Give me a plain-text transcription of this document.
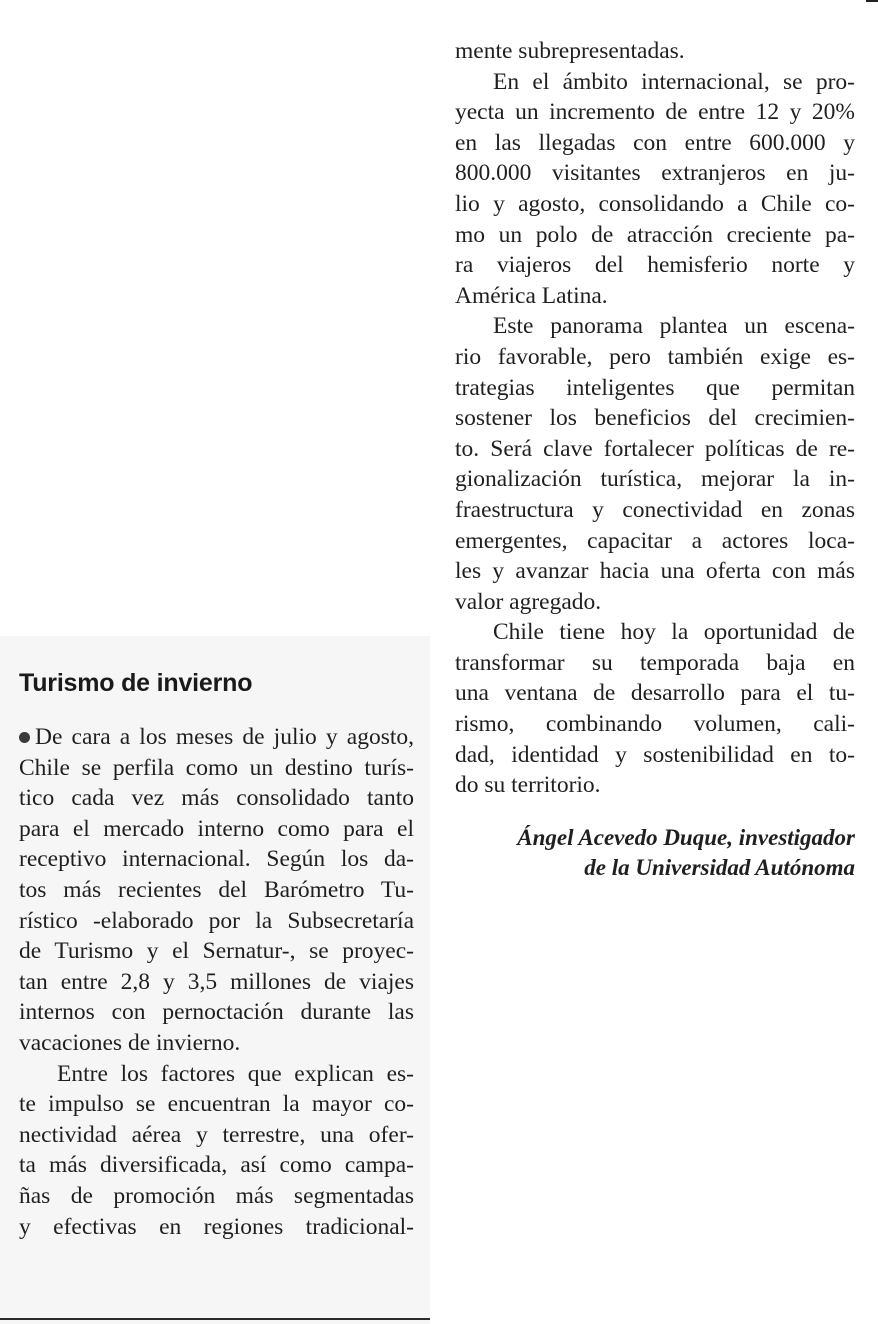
mente subrepresentadas.
En el ámbito internacional, se pro-
yecta un incremento de entre 12 y 20%
en las llegadas con entre 600.000 y
800.000 visitantes extranjeros en ju-
lio y agosto, consolidando a Chile co-
mo un polo de atracción creciente pa-
ra viajeros del hemisferio norte y
América Latina.
Este panorama plantea un escena-
rio favorable, pero también exige es-
trategias inteligentes que permitan
sostener los beneficios del crecimien-
to. Será clave fortalecer políticas de re-
gionalización turística, mejorar la in-
fraestructura y conectividad en zonas
emergentes, capacitar a actores loca-
les y avanzar hacia una oferta con más
valor agregado.
Chile tiene hoy la oportunidad de
transformar su temporada baja en
una ventana de desarrollo para el tu-
rismo, combinando volumen, cali-
dad, identidad y sostenibilidad en to-
do su territorio.
Ángel Acevedo Duque, investigador
de la Universidad Autónoma
Turismo de invierno
De cara a los meses de julio y agosto,
Chile se perfila como un destino turís-
tico cada vez más consolidado tanto
para el mercado interno como para el
receptivo internacional. Según los da-
tos más recientes del Barómetro Tu-
rístico -elaborado por la Subsecretaría
de Turismo y el Sernatur-, se proyec-
tan entre 2,8 y 3,5 millones de viajes
internos con pernoctación durante las
vacaciones de invierno.
Entre los factores que explican es-
te impulso se encuentran la mayor co-
nectividad aérea y terrestre, una ofer-
ta más diversificada, así como campa-
ñas de promoción más segmentadas
y efectivas en regiones tradicional-
